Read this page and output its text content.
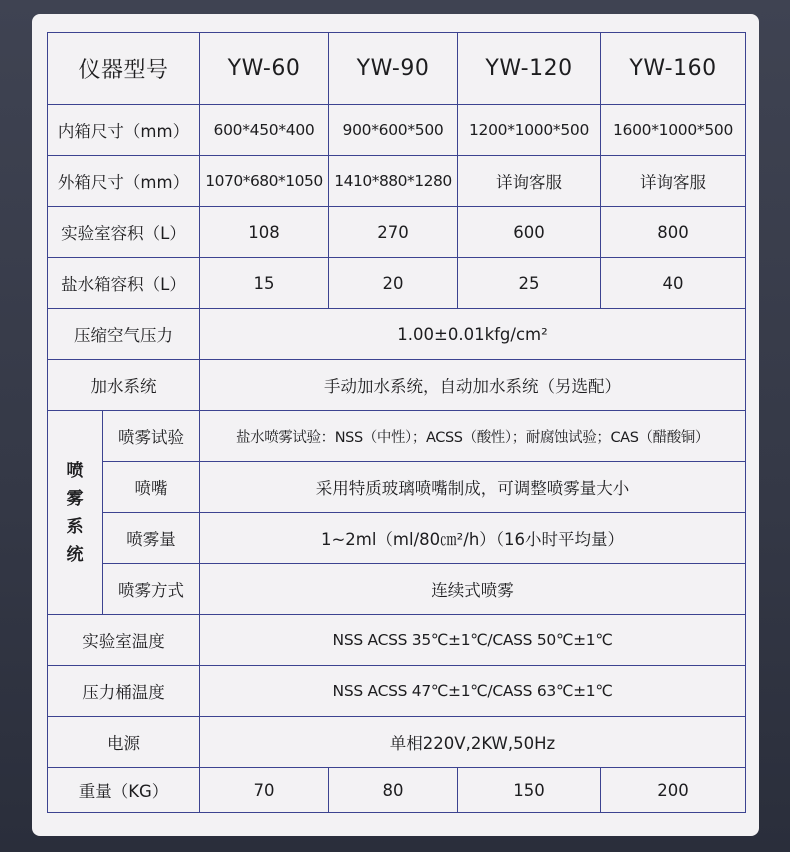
仪器型号		YW-60	YW-90	YW-120	YW-160
内箱尺寸（mm）		600*450*400	900*600*500	1200*1000*500	1600*1000*500
外箱尺寸（mm）		1070*680*1050	1410*880*1280	详询客服	详询客服
实验室容积（L）		108	270	600	800
盐水箱容积（L）		15	20	25	40
压缩空气压力		1.00±0.01kfg/cm²			
加水系统		手动加水系统，自动加水系统（另选配）			

喷雾系统	喷雾试验	盐水喷雾试验：NSS（中性）；ACSS（酸性）；耐腐蚀试验；CAS（醋酸铜）			
	喷嘴	采用特质玻璃喷嘴制成，可调整喷雾量大小			
	喷雾量	1~2ml（ml/80㎝²/h）（16小时平均量）			
	喷雾方式	连续式喷雾			
实验室温度		NSS ACSS 35℃±1℃/CASS 50℃±1℃			
压力桶温度		NSS ACSS 47℃±1℃/CASS 63℃±1℃			
电源		单相220V,2KW,50Hz			
重量（KG）		70	80	150	200
